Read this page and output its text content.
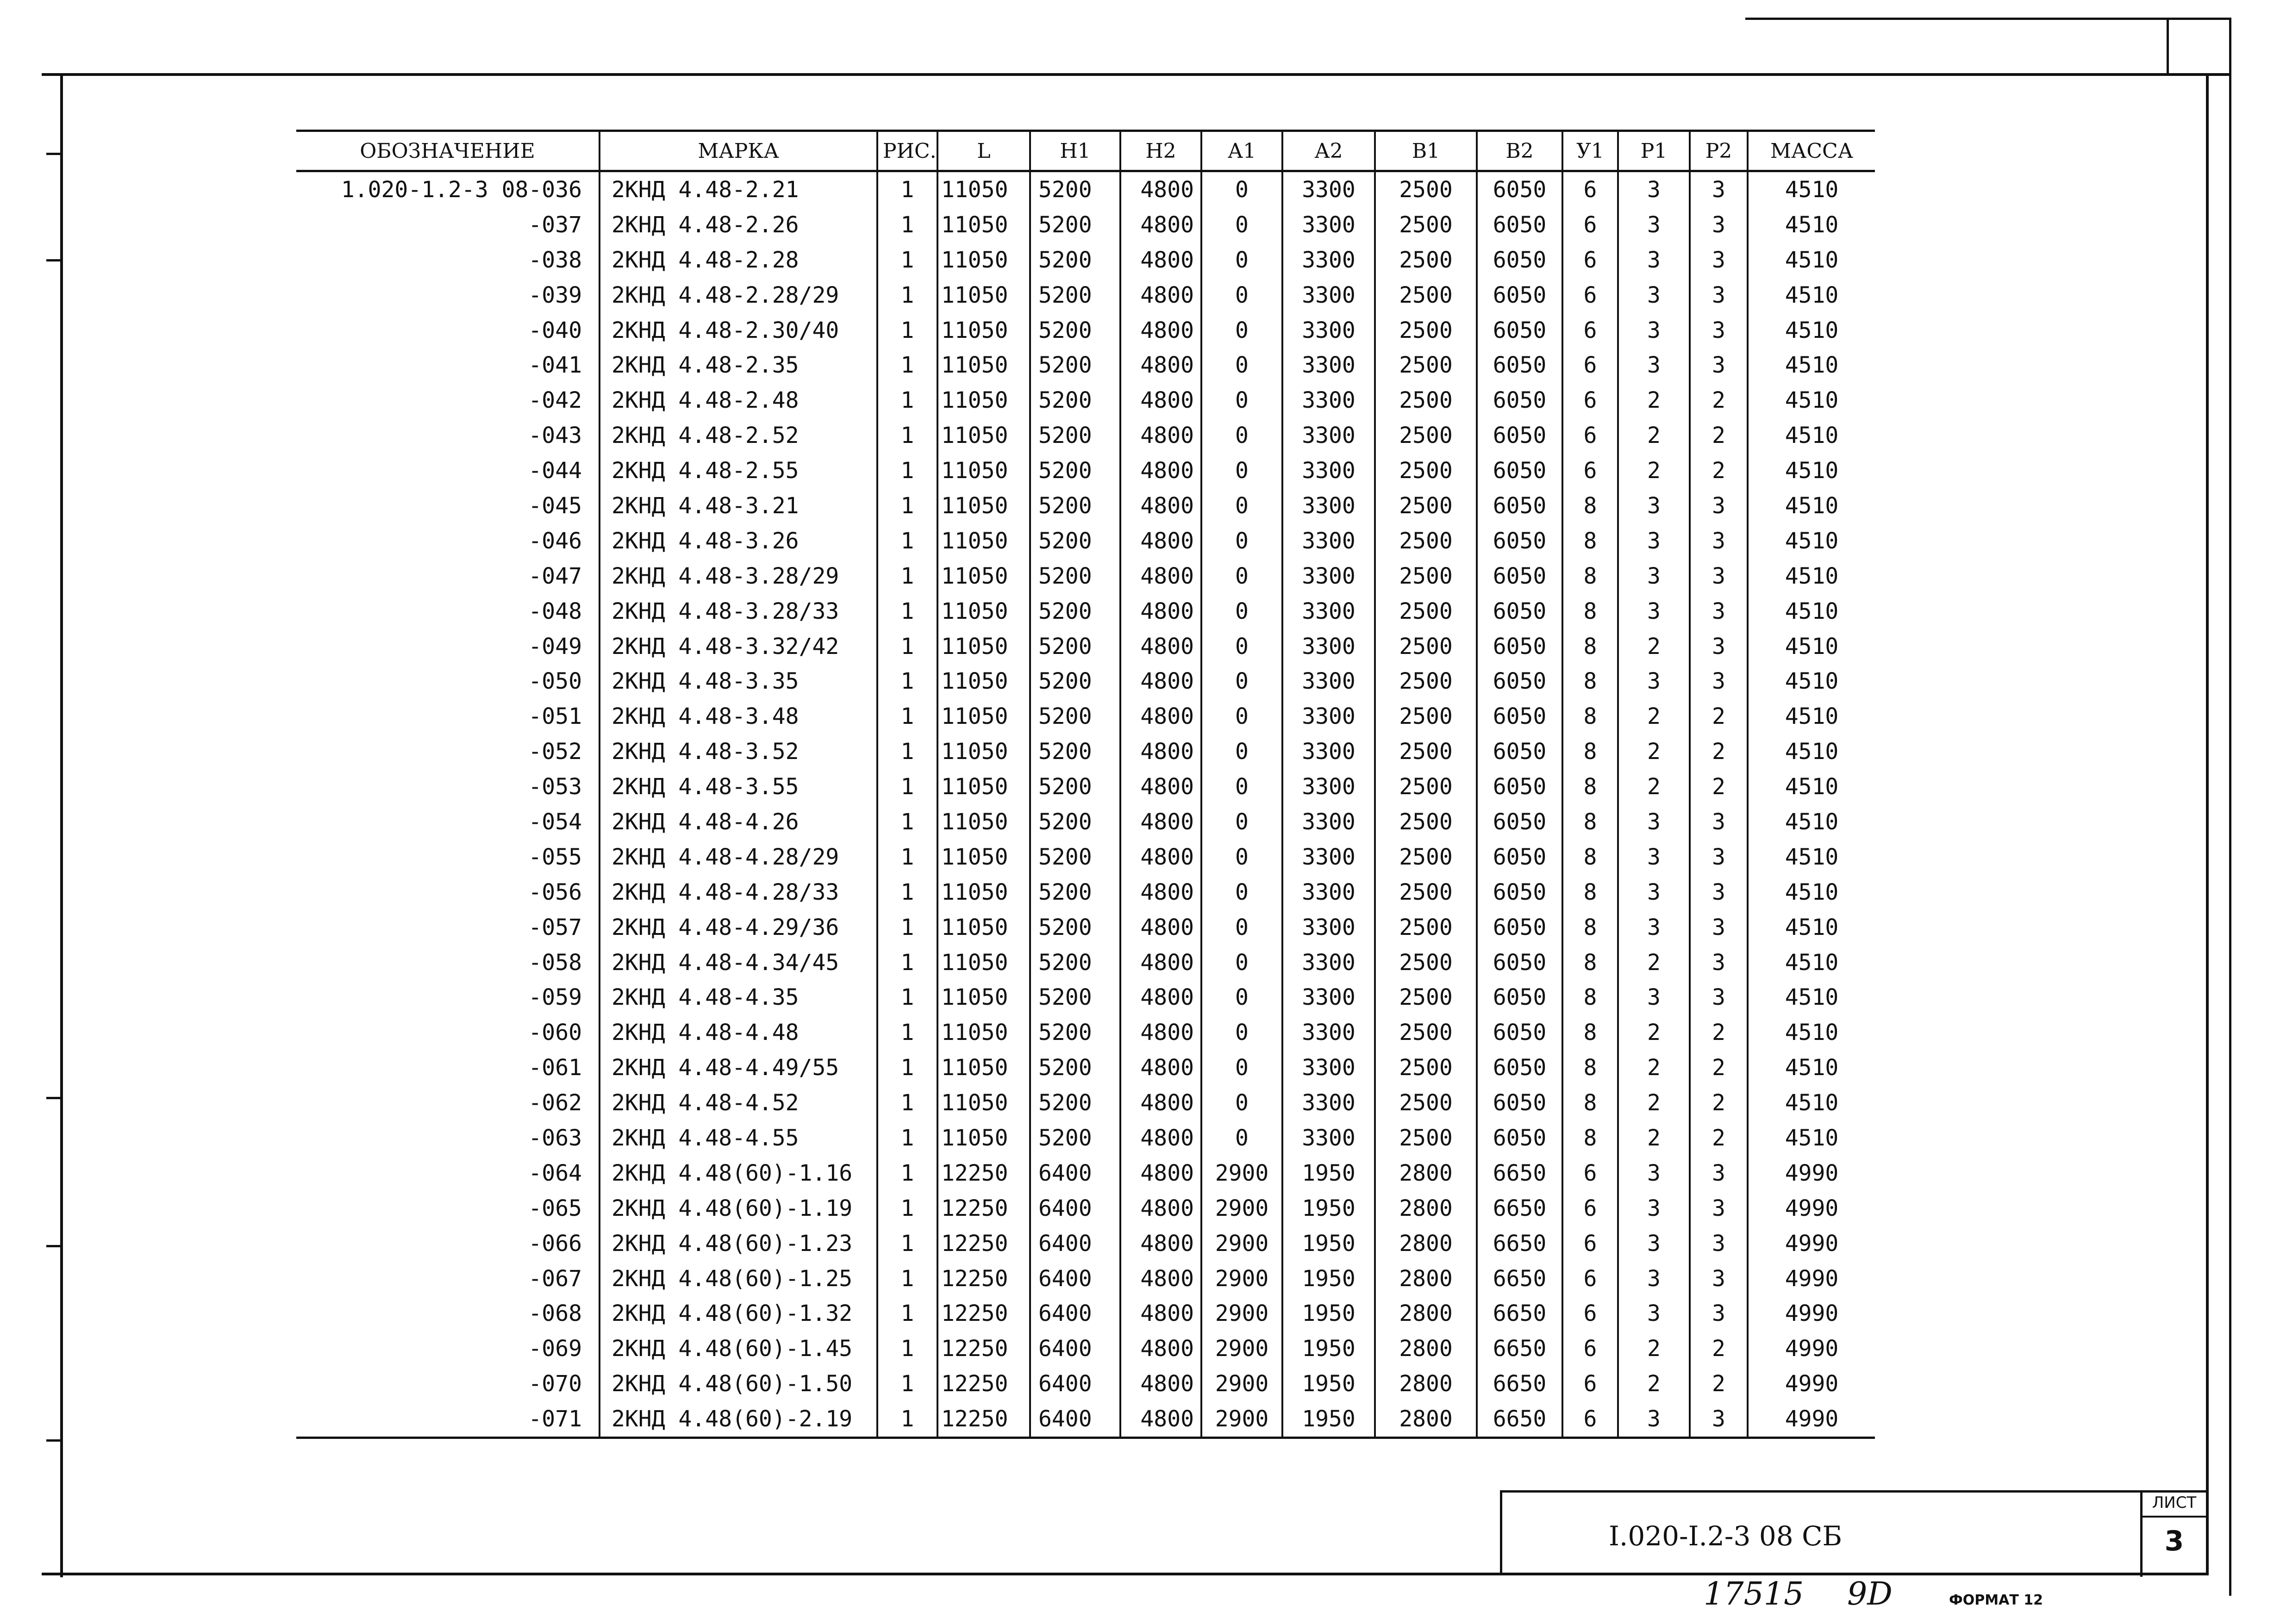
ОБОЗНАЧЕНИЕ	МАРКА	РИС.	L	Н1	Н2	А1	А2	В1	В2	У1	Р1	Р2	МАССА
1.020-1.2-3 08-036	2КНД 4.48-2.21	1	11050	5200	4800	0	3300	2500	6050	6	3	3	4510
-037	2КНД 4.48-2.26	1	11050	5200	4800	0	3300	2500	6050	6	3	3	4510
-038	2КНД 4.48-2.28	1	11050	5200	4800	0	3300	2500	6050	6	3	3	4510
-039	2КНД 4.48-2.28/29	1	11050	5200	4800	0	3300	2500	6050	6	3	3	4510
-040	2КНД 4.48-2.30/40	1	11050	5200	4800	0	3300	2500	6050	6	3	3	4510
-041	2КНД 4.48-2.35	1	11050	5200	4800	0	3300	2500	6050	6	3	3	4510
-042	2КНД 4.48-2.48	1	11050	5200	4800	0	3300	2500	6050	6	2	2	4510
-043	2КНД 4.48-2.52	1	11050	5200	4800	0	3300	2500	6050	6	2	2	4510
-044	2КНД 4.48-2.55	1	11050	5200	4800	0	3300	2500	6050	6	2	2	4510
-045	2КНД 4.48-3.21	1	11050	5200	4800	0	3300	2500	6050	8	3	3	4510
-046	2КНД 4.48-3.26	1	11050	5200	4800	0	3300	2500	6050	8	3	3	4510
-047	2КНД 4.48-3.28/29	1	11050	5200	4800	0	3300	2500	6050	8	3	3	4510
-048	2КНД 4.48-3.28/33	1	11050	5200	4800	0	3300	2500	6050	8	3	3	4510
-049	2КНД 4.48-3.32/42	1	11050	5200	4800	0	3300	2500	6050	8	2	3	4510
-050	2КНД 4.48-3.35	1	11050	5200	4800	0	3300	2500	6050	8	3	3	4510
-051	2КНД 4.48-3.48	1	11050	5200	4800	0	3300	2500	6050	8	2	2	4510
-052	2КНД 4.48-3.52	1	11050	5200	4800	0	3300	2500	6050	8	2	2	4510
-053	2КНД 4.48-3.55	1	11050	5200	4800	0	3300	2500	6050	8	2	2	4510
-054	2КНД 4.48-4.26	1	11050	5200	4800	0	3300	2500	6050	8	3	3	4510
-055	2КНД 4.48-4.28/29	1	11050	5200	4800	0	3300	2500	6050	8	3	3	4510
-056	2КНД 4.48-4.28/33	1	11050	5200	4800	0	3300	2500	6050	8	3	3	4510
-057	2КНД 4.48-4.29/36	1	11050	5200	4800	0	3300	2500	6050	8	3	3	4510
-058	2КНД 4.48-4.34/45	1	11050	5200	4800	0	3300	2500	6050	8	2	3	4510
-059	2КНД 4.48-4.35	1	11050	5200	4800	0	3300	2500	6050	8	3	3	4510
-060	2КНД 4.48-4.48	1	11050	5200	4800	0	3300	2500	6050	8	2	2	4510
-061	2КНД 4.48-4.49/55	1	11050	5200	4800	0	3300	2500	6050	8	2	2	4510
-062	2КНД 4.48-4.52	1	11050	5200	4800	0	3300	2500	6050	8	2	2	4510
-063	2КНД 4.48-4.55	1	11050	5200	4800	0	3300	2500	6050	8	2	2	4510
-064	2КНД 4.48(60)-1.16	1	12250	6400	4800	2900	1950	2800	6650	6	3	3	4990
-065	2КНД 4.48(60)-1.19	1	12250	6400	4800	2900	1950	2800	6650	6	3	3	4990
-066	2КНД 4.48(60)-1.23	1	12250	6400	4800	2900	1950	2800	6650	6	3	3	4990
-067	2КНД 4.48(60)-1.25	1	12250	6400	4800	2900	1950	2800	6650	6	3	3	4990
-068	2КНД 4.48(60)-1.32	1	12250	6400	4800	2900	1950	2800	6650	6	3	3	4990
-069	2КНД 4.48(60)-1.45	1	12250	6400	4800	2900	1950	2800	6650	6	2	2	4990
-070	2КНД 4.48(60)-1.50	1	12250	6400	4800	2900	1950	2800	6650	6	2	2	4990
-071	2КНД 4.48(60)-2.19	1	12250	6400	4800	2900	1950	2800	6650	6	3	3	4990
I.020-I.2-3 08 СБ
ЛИСТ
3
17515 9D	ФОРМАТ 12
